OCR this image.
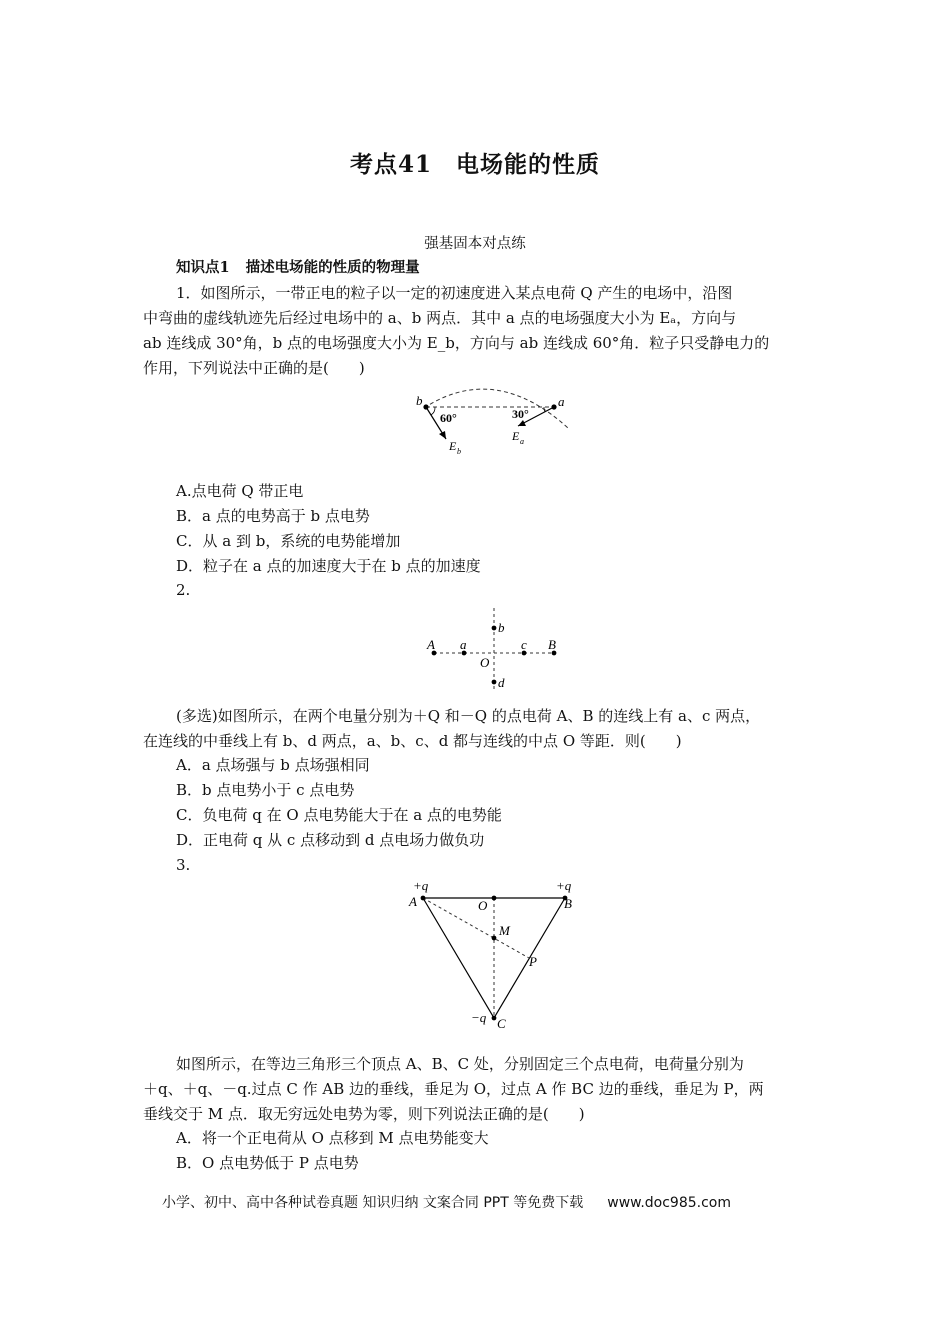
考点41　电场能的性质
强基固本对点练
知识点1 描述电场能的性质的物理量
1．如图所示，一带正电的粒子以一定的初速度进入某点电荷 Q 产生的电场中，沿图
中弯曲的虚线轨迹先后经过电场中的 a、b 两点．其中 a 点的电场强度大小为 Eₐ，方向与
ab 连线成 30°角，b 点的电场强度大小为 E_b，方向与 ab 连线成 60°角．粒子只受静电力的
作用，下列说法中正确的是(　　)
b	a
60°	30°
E b
E a
A.点电荷 Q 带正电
B．a 点的电势高于 b 点电势
C．从 a 到 b，系统的电势能增加
D．粒子在 a 点的加速度大于在 b 点的加速度
2.
A a
O
c B
b
d
(多选)如图所示，在两个电量分别为＋Q 和－Q 的点电荷 A、B 的连线上有 a、c 两点，
在连线的中垂线上有 b、d 两点，a、b、c、d 都与连线的中点 O 等距．则(　　)
A．a 点场强与 b 点场强相同
B．b 点电势小于 c 点电势
C．负电荷 q 在 O 点电势能大于在 a 点的电势能
D．正电荷 q 从 c 点移动到 d 点电场力做负功
3.
+q
A	O
+q
B
M
P
−q C
如图所示，在等边三角形三个顶点 A、B、C 处，分别固定三个点电荷，电荷量分别为
＋q、＋q、－q.过点 C 作 AB 边的垂线，垂足为 O，过点 A 作 BC 边的垂线，垂足为 P，两
垂线交于 M 点．取无穷远处电势为零，则下列说法正确的是(　　)
A．将一个正电荷从 O 点移到 M 点电势能变大
B．O 点电势低于 P 点电势
小学、初中、高中各种试卷真题 知识归纳 文案合同 PPT 等免费下载 www.doc985.com
